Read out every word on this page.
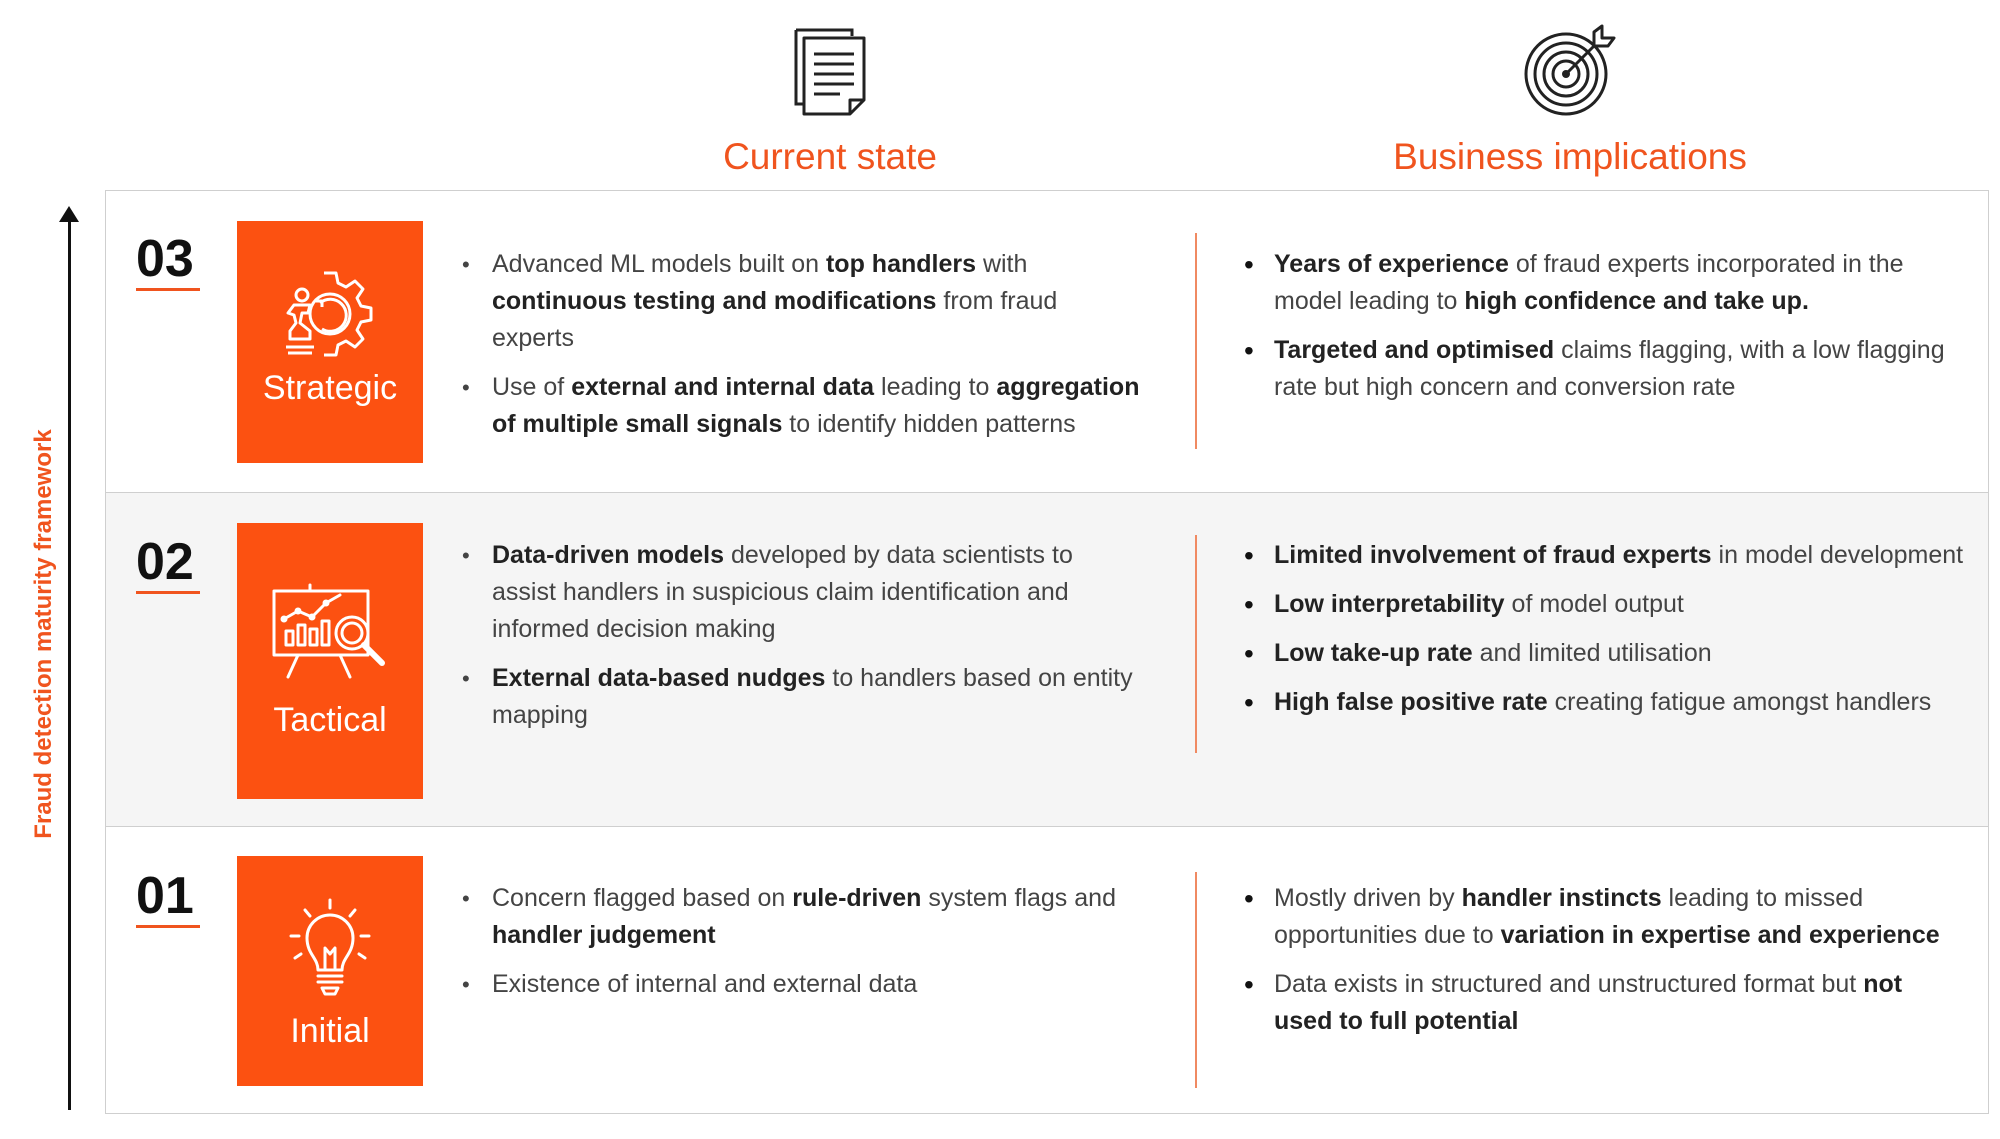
Current state	Business implications
Fraud detection maturity framework
03
Strategic
• Advanced ML models built on top handlers with continuous testing and modifications from fraud experts
• Use of external and internal data leading to aggregation of multiple small signals to identify hidden patterns
• Years of experience of fraud experts incorporated in the model leading to high confidence and take up.
• Targeted and optimised claims flagging, with a low flagging rate but high concern and conversion rate
02
Tactical
• Data-driven models developed by data scientists to assist handlers in suspicious claim identification and informed decision making
• External data-based nudges to handlers based on entity mapping
• Limited involvement of fraud experts in model development
• Low interpretability of model output
• Low take-up rate and limited utilisation
• High false positive rate creating fatigue amongst handlers
01
Initial
• Concern flagged based on rule-driven system flags and handler judgement
• Existence of internal and external data
• Mostly driven by handler instincts leading to missed opportunities due to variation in expertise and experience
• Data exists in structured and unstructured format but not used to full potential
